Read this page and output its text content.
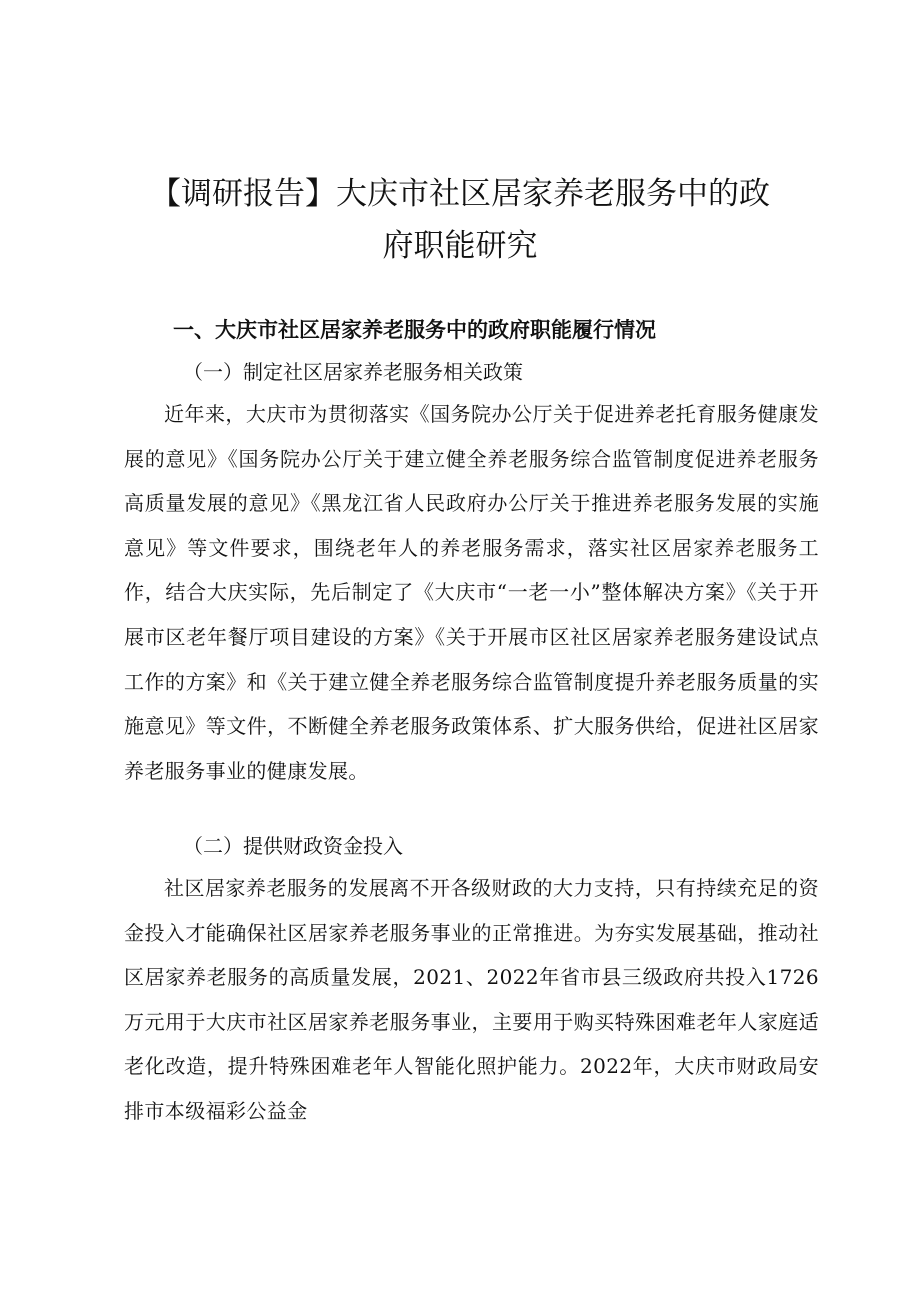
【调研报告】大庆市社区居家养老服务中的政
府职能研究
一、大庆市社区居家养老服务中的政府职能履行情况
（一）制定社区居家养老服务相关政策
近年来，大庆市为贯彻落实《国务院办公厅关于促进养老托育服务健康发展的意见》《国务院办公厅关于建立健全养老服务综合监管制度促进养老服务高质量发展的意见》《黑龙江省人民政府办公厅关于推进养老服务发展的实施意见》等文件要求，围绕老年人的养老服务需求，落实社区居家养老服务工作，结合大庆实际，先后制定了《大庆市“一老一小”整体解决方案》《关于开展市区老年餐厅项目建设的方案》《关于开展市区社区居家养老服务建设试点工作的方案》和《关于建立健全养老服务综合监管制度提升养老服务质量的实施意见》等文件，不断健全养老服务政策体系、扩大服务供给，促进社区居家养老服务事业的健康发展。
（二）提供财政资金投入
社区居家养老服务的发展离不开各级财政的大力支持，只有持续充足的资金投入才能确保社区居家养老服务事业的正常推进。为夯实发展基础，推动社区居家养老服务的高质量发展，2021、2022年省市县三级政府共投入1726万元用于大庆市社区居家养老服务事业，主要用于购买特殊困难老年人家庭适老化改造，提升特殊困难老年人智能化照护能力。2022年，大庆市财政局安排市本级福彩公益金
